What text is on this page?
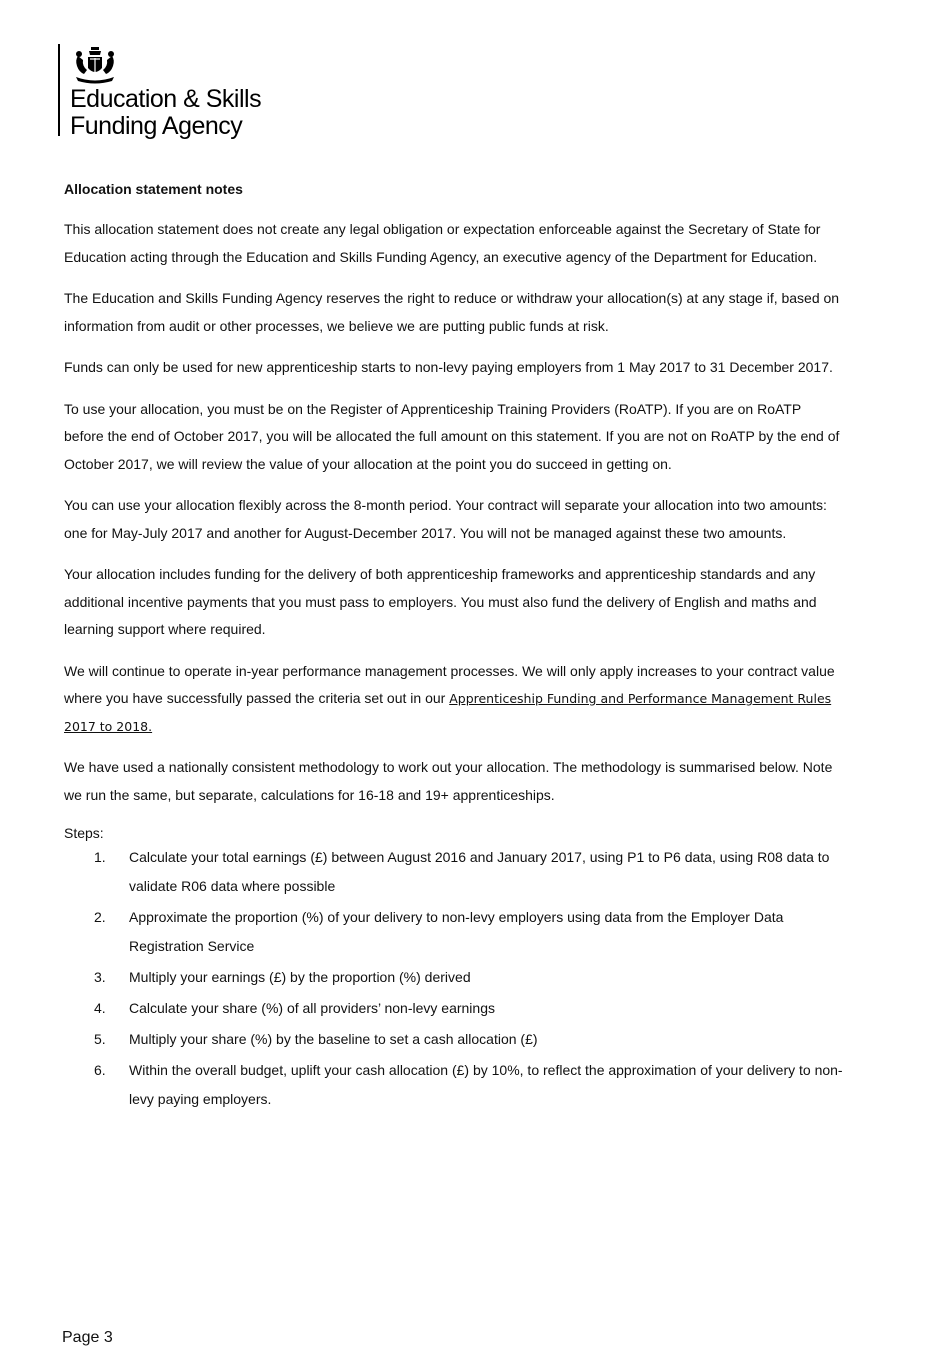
Education & Skills
Funding Agency
Allocation statement notes

This allocation statement does not create any legal obligation or expectation enforceable against the Secretary of State for Education acting through the Education and Skills Funding Agency, an executive agency of the Department for Education.

The Education and Skills Funding Agency reserves the right to reduce or withdraw your allocation(s) at any stage if, based on information from audit or other processes, we believe we are putting public funds at risk.

Funds can only be used for new apprenticeship starts to non-levy paying employers from 1 May 2017 to 31 December 2017.

To use your allocation, you must be on the Register of Apprenticeship Training Providers (RoATP). If you are on RoATP before the end of October 2017, you will be allocated the full amount on this statement. If you are not on RoATP by the end of October 2017, we will review the value of your allocation at the point you do succeed in getting on.

You can use your allocation flexibly across the 8-month period. Your contract will separate your allocation into two amounts: one for May-July 2017 and another for August-December 2017. You will not be managed against these two amounts.

Your allocation includes funding for the delivery of both apprenticeship frameworks and apprenticeship standards and any additional incentive payments that you must pass to employers. You must also fund the delivery of English and maths and learning support where required.

We will continue to operate in-year performance management processes. We will only apply increases to your contract value where you have successfully passed the criteria set out in our Apprenticeship Funding and Performance Management Rules 2017 to 2018.

We have used a nationally consistent methodology to work out your allocation. The methodology is summarised below. Note we run the same, but separate, calculations for 16-18 and 19+ apprenticeships.

Steps:
1. Calculate your total earnings (£) between August 2016 and January 2017, using P1 to P6 data, using R08 data to validate R06 data where possible
2. Approximate the proportion (%) of your delivery to non-levy employers using data from the Employer Data Registration Service
3. Multiply your earnings (£) by the proportion (%) derived
4. Calculate your share (%) of all providers’ non-levy earnings
5. Multiply your share (%) by the baseline to set a cash allocation (£)
6. Within the overall budget, uplift your cash allocation (£) by 10%, to reflect the approximation of your delivery to non-levy paying employers.
Page 3
